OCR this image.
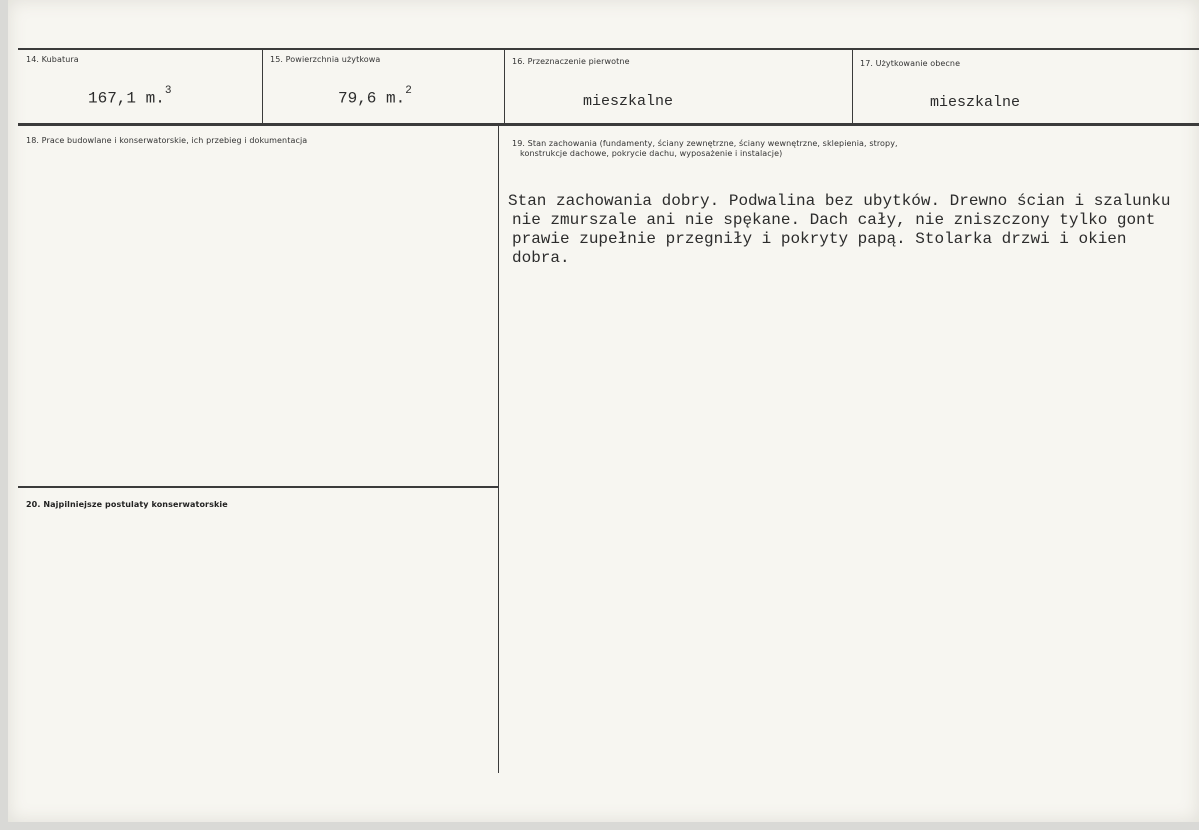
14. Kubatura
167,1 m.$^3$
15. Powierzchnia użytkowa
79,6 m.$^2$
16. Przeznaczenie pierwotne
mieszkalne
17. Użytkowanie obecne
mieszkalne
18. Prace budowlane i konserwatorskie, ich przebieg i dokumentacja	19. Stan zachowania (fundamenty, ściany zewnętrzne, ściany wewnętrzne, sklepienia, stropy,
konstrukcje dachowe, pokrycie dachu, wyposażenie i instalacje)
Stan zachowania dobry. Podwalina bez ubytków. Drewno ścian i szalunku
nie zmurszale ani nie spękane. Dach cały, nie zniszczony tylko gont
prawie zupełnie przegniły i pokryty papą. Stolarka drzwi i okien
dobra.
20. Najpilniejsze postulaty konserwatorskie
